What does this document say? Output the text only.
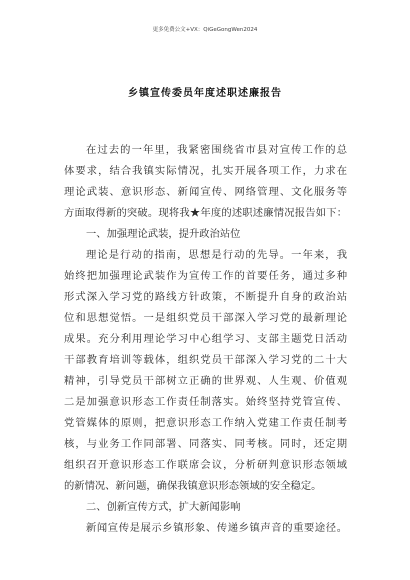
更多免费公文+VX：QiGeGongWen2024
乡镇宣传委员年度述职述廉报告
在过去的一年里，我紧密围绕省市县对宣传工作的总
体要求，结合我镇实际情况，扎实开展各项工作，力求在
理论武装、意识形态、新闻宣传、网络管理、文化服务等
方面取得新的突破。现将我★年度的述职述廉情况报告如下：
一、加强理论武装，提升政治站位
理论是行动的指南，思想是行动的先导。一年来，我
始终把加强理论武装作为宣传工作的首要任务，通过多种
形式深入学习党的路线方针政策，不断提升自身的政治站
位和思想觉悟。一是组织党员干部深入学习党的最新理论
成果。充分利用理论学习中心组学习、支部主题党日活动
干部教育培训等载体，组织党员干部深入学习党的二十大
精神，引导党员干部树立正确的世界观、人生观、价值观
二是加强意识形态工作责任制落实。始终坚持党管宣传、
党管媒体的原则，把意识形态工作纳入党建工作责任制考
核，与业务工作同部署、同落实、同考核。同时，还定期
组织召开意识形态工作联席会议，分析研判意识形态领域
的新情况、新问题，确保我镇意识形态领域的安全稳定。
二、创新宣传方式，扩大新闻影响
新闻宣传是展示乡镇形象、传递乡镇声音的重要途径。
